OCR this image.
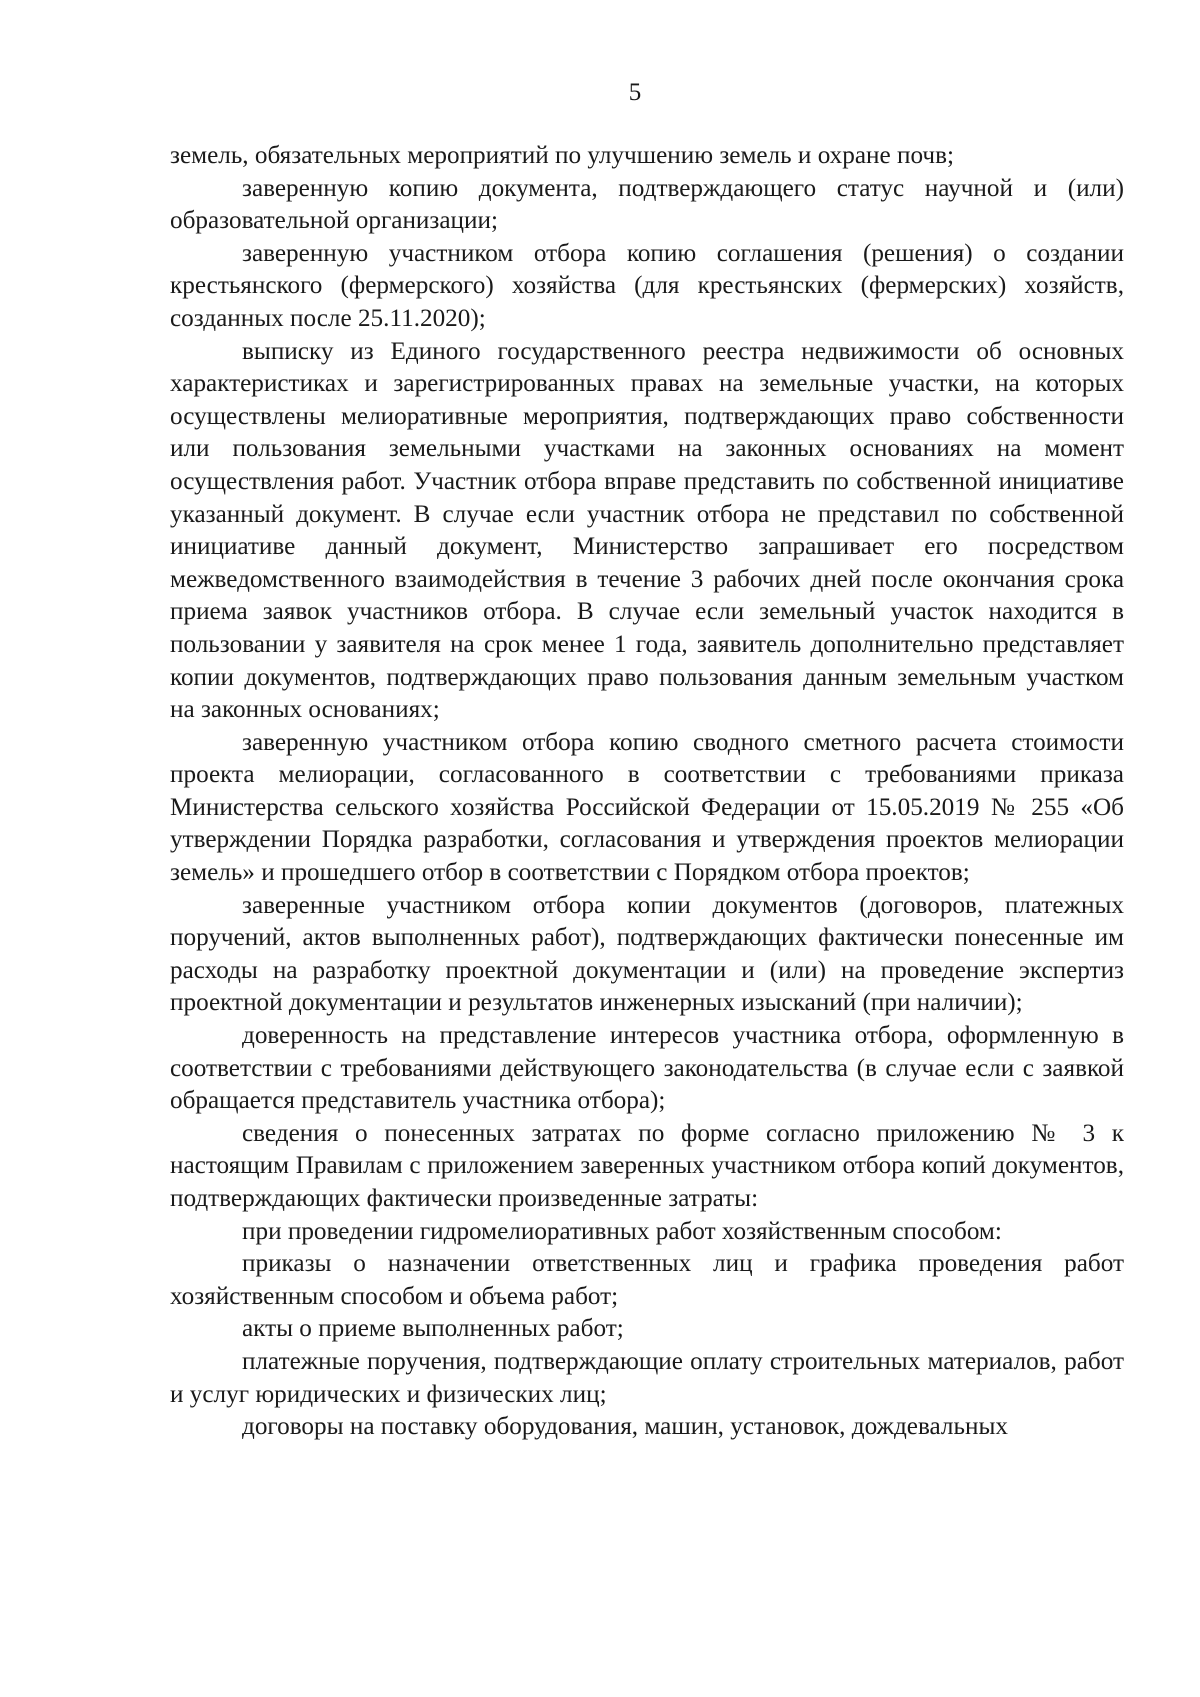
5

земель, обязательных мероприятий по улучшению земель и охране почв;

заверенную копию документа, подтверждающего статус научной и (или) образовательной организации;

заверенную участником отбора копию соглашения (решения) о создании крестьянского (фермерского) хозяйства (для крестьянских (фермерских) хозяйств, созданных после 25.11.2020);

выписку из Единого государственного реестра недвижимости об основных характеристиках и зарегистрированных правах на земельные участки, на которых осуществлены мелиоративные мероприятия, подтверждающих право собственности или пользования земельными участками на законных основаниях на момент осуществления работ. Участник отбора вправе представить по собственной инициативе указанный документ. В случае если участник отбора не представил по собственной инициативе данный документ, Министерство запрашивает его посредством межведомственного взаимодействия в течение 3 рабочих дней после окончания срока приема заявок участников отбора. В случае если земельный участок находится в пользовании у заявителя на срок менее 1 года, заявитель дополнительно представляет копии документов, подтверждающих право пользования данным земельным участком на законных основаниях;

заверенную участником отбора копию сводного сметного расчета стоимости проекта мелиорации, согласованного в соответствии с требованиями приказа Министерства сельского хозяйства Российской Федерации от 15.05.2019 № 255 «Об утверждении Порядка разработки, согласования и утверждения проектов мелиорации земель» и прошедшего отбор в соответствии с Порядком отбора проектов;

заверенные участником отбора копии документов (договоров, платежных поручений, актов выполненных работ), подтверждающих фактически понесенные им расходы на разработку проектной документации и (или) на проведение экспертиз проектной документации и результатов инженерных изысканий (при наличии);

доверенность на представление интересов участника отбора, оформленную в соответствии с требованиями действующего законодательства (в случае если с заявкой обращается представитель участника отбора);

сведения о понесенных затратах по форме согласно приложению № 3 к настоящим Правилам с приложением заверенных участником отбора копий документов, подтверждающих фактически произведенные затраты:

при проведении гидромелиоративных работ хозяйственным способом:

приказы о назначении ответственных лиц и графика проведения работ хозяйственным способом и объема работ;

акты о приеме выполненных работ;

платежные поручения, подтверждающие оплату строительных материалов, работ и услуг юридических и физических лиц;

договоры на поставку оборудования, машин, установок, дождевальных
